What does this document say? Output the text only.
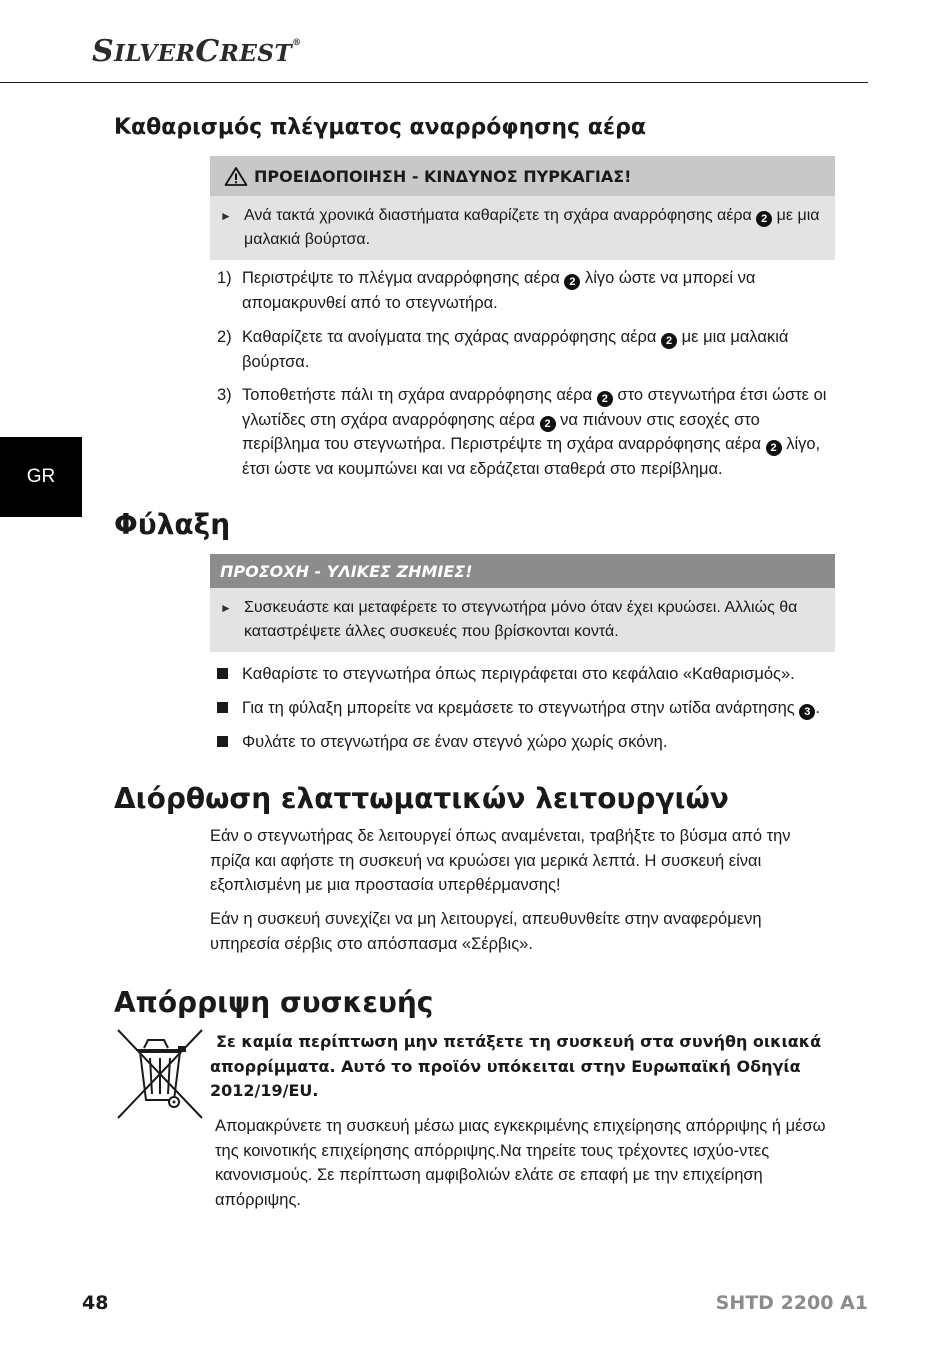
SILVERCREST®
GR
Καθαρισμός πλέγματος αναρρόφησης αέρα
ΠΡΟΕΙΔΟΠΟΙΗΣΗ - ΚΙΝΔΥΝΟΣ ΠΥΡΚΑΓΙΑΣ!
► Ανά τακτά χρονικά διαστήματα καθαρίζετε τη σχάρα αναρρόφησης αέρα 2 με μια μαλακιά βούρτσα.
1) Περιστρέψτε το πλέγμα αναρρόφησης αέρα 2 λίγο ώστε να μπορεί να απομακρυνθεί από το στεγνωτήρα.
2) Καθαρίζετε τα ανοίγματα της σχάρας αναρρόφησης αέρα 2 με μια μαλακιά βούρτσα.
3) Τοποθετήστε πάλι τη σχάρα αναρρόφησης αέρα 2 στο στεγνωτήρα έτσι ώστε οι γλωτίδες στη σχάρα αναρρόφησης αέρα 2 να πιάνουν στις εσοχές στο περίβλημα του στεγνωτήρα. Περιστρέψτε τη σχάρα αναρρόφησης αέρα 2 λίγο, έτσι ώστε να κουμπώνει και να εδράζεται σταθερά στο περίβλημα.
Φύλαξη
ΠΡΟΣΟΧΗ - ΥΛΙΚΕΣ ΖΗΜΙΕΣ!
► Συσκευάστε και μεταφέρετε το στεγνωτήρα μόνο όταν έχει κρυώσει. Αλλιώς θα καταστρέψετε άλλες συσκευές που βρίσκονται κοντά.
Καθαρίστε το στεγνωτήρα όπως περιγράφεται στο κεφάλαιο «Καθαρισμός».
Για τη φύλαξη μπορείτε να κρεμάσετε το στεγνωτήρα στην ωτίδα ανάρτησης 3 .
Φυλάτε το στεγνωτήρα σε έναν στεγνό χώρο χωρίς σκόνη.
Διόρθωση ελαττωματικών λειτουργιών

Εάν ο στεγνωτήρας δε λειτουργεί όπως αναμένεται, τραβήξτε το βύσμα από την πρίζα και αφήστε τη συσκευή να κρυώσει για μερικά λεπτά. Η συσκευή είναι εξοπλισμένη με μια προστασία υπερθέρμανσης!

Εάν η συσκευή συνεχίζει να μη λειτουργεί, απευθυνθείτε στην αναφερόμενη υπηρεσία σέρβις στο απόσπασμα «Σέρβις».

Απόρριψη συσκευής

Σε καμία περίπτωση μην πετάξετε τη συσκευή στα συνήθη οικιακά απορρίμματα. Αυτό το προϊόν υπόκειται στην Ευρωπαϊκή Οδηγία 2012/19/EU.

Απομακρύνετε τη συσκευή μέσω μιας εγκεκριμένης επιχείρησης απόρριψης ή μέσω της κοινοτικής επιχείρησης απόρριψης.Να τηρείτε τους τρέχοντες ισχύο-ντες κανονισμούς. Σε περίπτωση αμφιβολιών ελάτε σε επαφή με την επιχείρηση απόρριψης.

48	SHTD 2200 A1
